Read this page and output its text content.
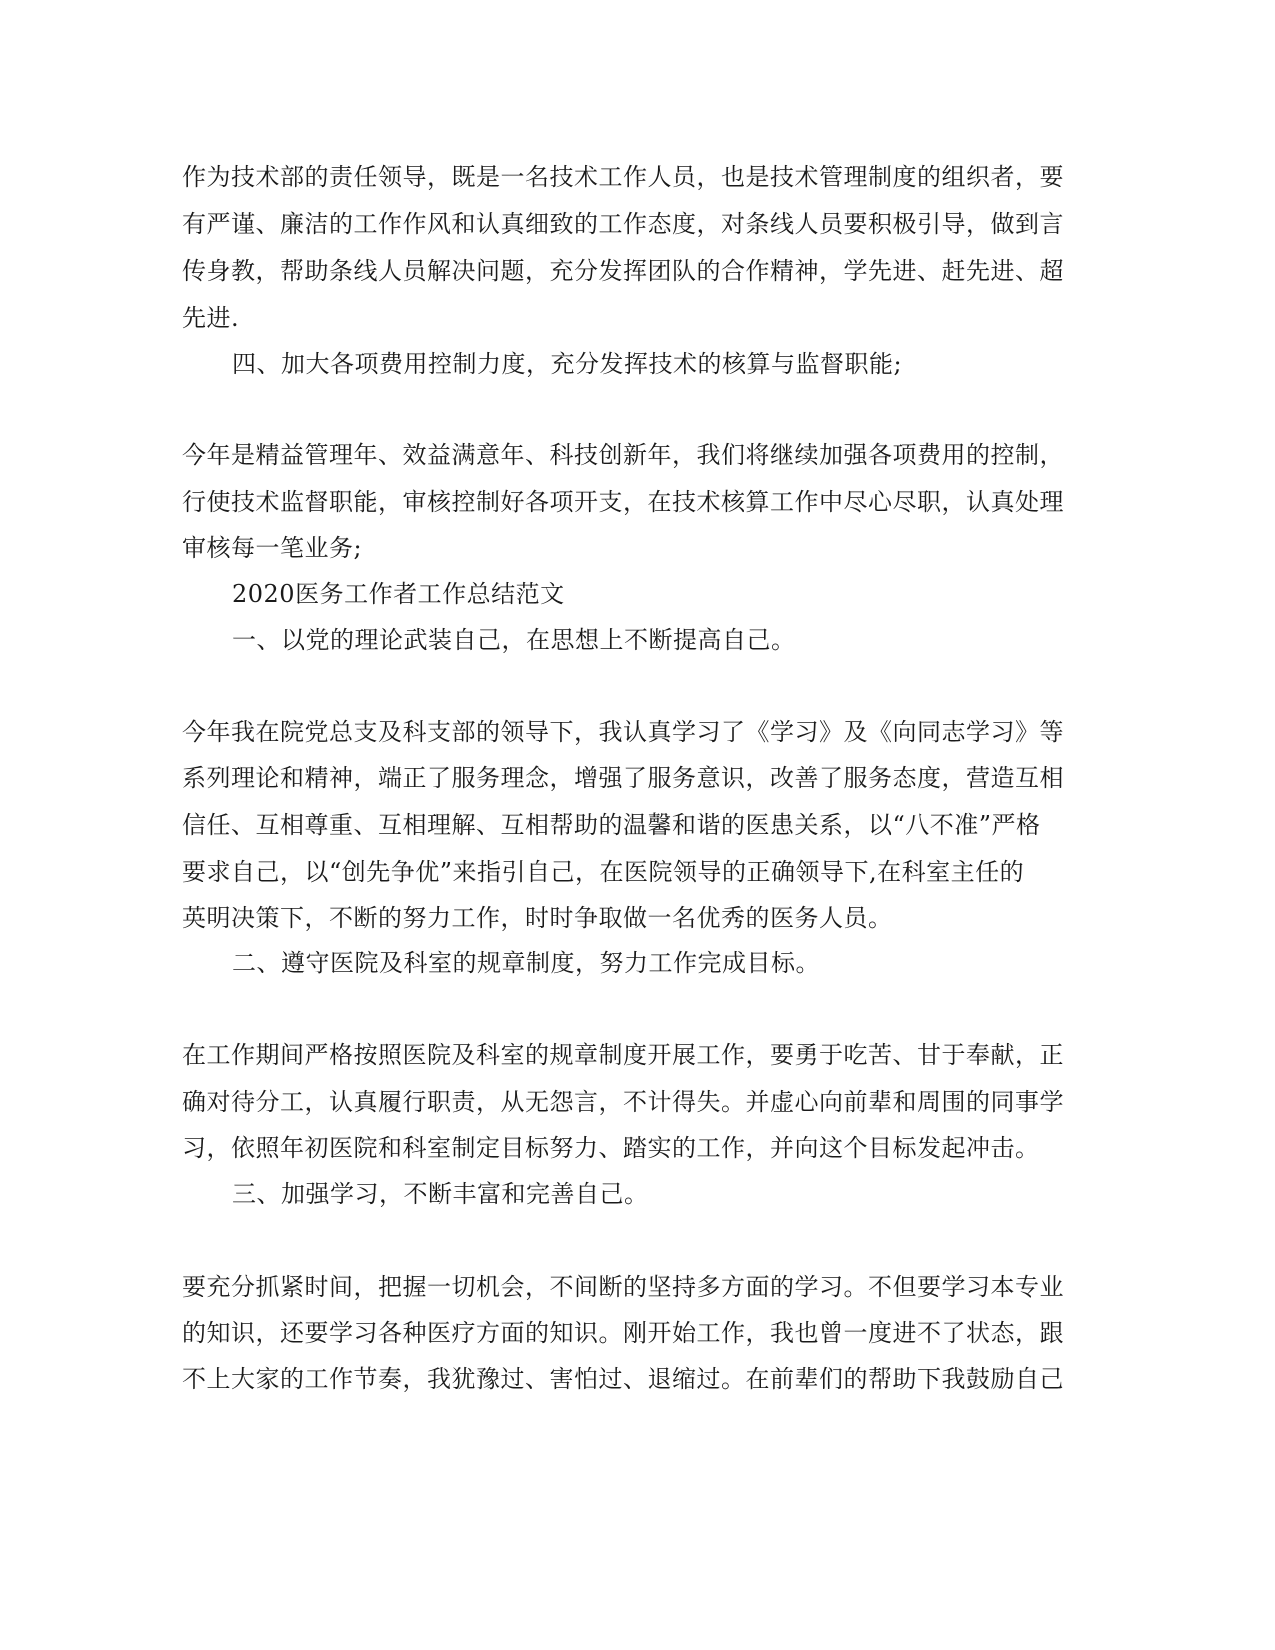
作为技术部的责任领导，既是一名技术工作人员，也是技术管理制度的组织者，要
有严谨、廉洁的工作作风和认真细致的工作态度，对条线人员要积极引导，做到言
传身教，帮助条线人员解决问题，充分发挥团队的合作精神，学先进、赶先进、超
先进.
四、加大各项费用控制力度，充分发挥技术的核算与监督职能;
今年是精益管理年、效益满意年、科技创新年，我们将继续加强各项费用的控制，
行使技术监督职能，审核控制好各项开支，在技术核算工作中尽心尽职，认真处理
审核每一笔业务;
2020医务工作者工作总结范文
一、以党的理论武装自己，在思想上不断提高自己。
今年我在院党总支及科支部的领导下，我认真学习了《学习》及《向同志学习》等
系列理论和精神，端正了服务理念，增强了服务意识，改善了服务态度，营造互相
信任、互相尊重、互相理解、互相帮助的温馨和谐的医患关系，以“八不准”严格
要求自己，以“创先争优”来指引自己，在医院领导的正确领导下,在科室主任的
英明决策下，不断的努力工作，时时争取做一名优秀的医务人员。
二、遵守医院及科室的规章制度，努力工作完成目标。
在工作期间严格按照医院及科室的规章制度开展工作，要勇于吃苦、甘于奉献，正
确对待分工，认真履行职责，从无怨言，不计得失。并虚心向前辈和周围的同事学
习，依照年初医院和科室制定目标努力、踏实的工作，并向这个目标发起冲击。
三、加强学习，不断丰富和完善自己。
要充分抓紧时间，把握一切机会，不间断的坚持多方面的学习。不但要学习本专业
的知识，还要学习各种医疗方面的知识。刚开始工作，我也曾一度进不了状态，跟
不上大家的工作节奏，我犹豫过、害怕过、退缩过。在前辈们的帮助下我鼓励自己
